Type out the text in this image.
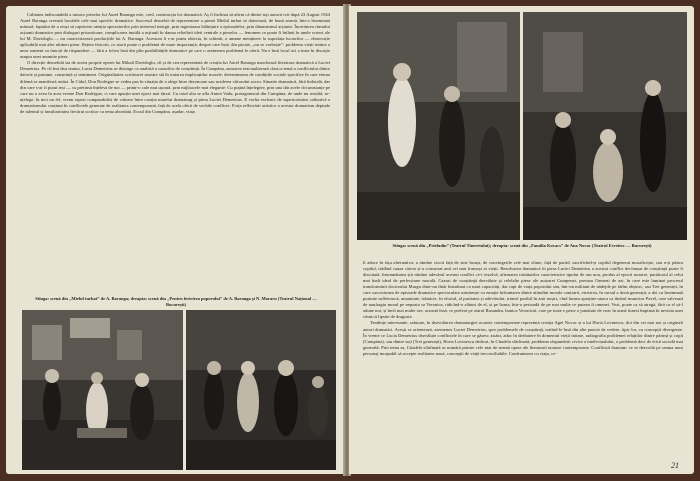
Calitatea indiscutabilă a tuturor pieselor lui Aurel Baranga este, cred, construcția lor dramatică. Aș fi înclinat să afirm că dintre toți autorii ivit după 23 August 1944 Aurel Baranga creează lucrările cele mai specific dramatice. Succesul deosebit de reprezentare a piesei Mielul turbat se datorează, de bună seamă, într-o însemnată măsură, faptului de a reuși să captiveze atenția spectatorilor prin interesul intrigii, prin ingenioasa înlănțuire a episoadelor, prin dinamismul acțiunii. Încetinirea ritmului acțiunii dramatice prin dialoguri prisositoare, complicarea inutilă a acțiunii în dauna reliefării ideii centrale a pieselor — fenomen ce poate fi înfânit în unele scrieri ale lui M. Davidoglu — nu caracterizează producțiile lui A. Baranga. Acestora li s-ar putea obiecta, în schimb, o anume menținere la suprafața lucrurilor — observație aplicabilă mai ales ultimei piese. Rețeta fericirii, ce atacă poate o problemă de mare importanță, despre care însă, din păcate, „nu se vorbește”: problema vieții intime a unor oameni cu funcții de răspundere — fără a folosi însă din plin posibilitățile dramatice pe care o asemenea problemă le oferă. Nu e însă locul aci a intra în discuție asupra unei anumite piese.

O direcție deosebită sta de aceea proprie operei lui Mihail Davidoglu, cît și de cea reprezentată de creația lui Aurel Baranga marchează literatura dramatică a Luciei Demetrius. Pe cît îmi dau seama, Lucia Demetrius se distinge ca analistă a cazurilor de conștiință. În Cumpăna, autoarea reactualizează clasica temă a conflictului dintre datorie și pasiune, conștiință și sentiment. Originalitatea scriitoarei noastre stă în tratarea implicațiilor morale, determinarea de condițiile sociale specifice în care eterna dilemă se manifestă astăzi. În Cidul, Don Rodrigue se vedea pus în situația de a alege între dezonoare sau uciderea viitorului socru. Situatie dramatică, fără îndoială, dar din care s-ar fi putut ieși — cu pretinsă înțelesă de noi — printr-o cale mai ușoară, prin mijloacele mai elegante: Cu puțină înțelegere, prin una din acele cîrcumstanțe pe care nu o avea în acea vreme Don Rodrigue, ci care aparțin unei epoci mai târzii. Cu totul alta se afla Anton Vadu, protagonistul din Cumpăna, de unde nu rezultă, se-nțelege, în nici un fel, vreun raport comparabilist de valoare între creația marelui dramaturg și piesa Luciei Demetrius. E vorba exclusiv de superioritatea calitativă a dramatismului conținut în conflictele generate de realitatea contemporană, față de acela oferit de vechile conflicte. Forța reflectării artistice a acestui dramatism depinde de talentul și familiaritatea fiecărui scriitor cu tema abordată. Ecoul din Cumpăna, așadar, viața

Stînga: scenă din „Mielul turbat” de A. Baranga; dreapta: scenă din „Pentru fericirea poporului” de A. Baranga și N. Moraru (Teatrul Național — București)
Stînga: scenă din „Prieludin” (Teatrul Tineretului); dreapta: scenă din „Familia Kovacs” de Ana Novac (Teatrul Evreiesc — București)

îi aduce în fața alternativa: a rămîne ciocit față de sine însuși, de convingerile cele mai sfinte, față de partid, sacrificînd-și copilul degenerat moralicește, sau a-și păstra copilul, trădînd cauza căreia și-a consacrat anii cei mai frumoși ai vieții. Rezolvarea dramatică în piesa Luciei Demetrius a acestui conflict declanșat de conștiință poate fi discutată; însemnătatea știi rămîne adevărul acestui conflict ce-i rezolvă, afirmarea trăsăturilor caracteristice tipului de om nou, produs al epocii noastre, purtătorul al celui mai înalt ideal de perfecțiune morală. Cazuri de conștiință dezvăluie și celelalte piese ale autoarei Cumpenei, precum Oameni de azi, în care este luminat procesul transformării doctorului Murgu dintr-un tînăr înstrăinat cu mari capacități, dar rupt de viața poporului său, într-un militant de nădejde pe tărîm obștesc, sau Trei generații, în care succesiunea de episoade dramatice spectaculare urmărește cu emoție înfruntarea dintre atitudini morale contrarii, etrivirea, în cursul a două generații, a doi cu însemnată puritate sufletească, umanitate, trăinicie, în efortul, al puritatea și adevărului, triumf posibil în anii noștri, cînd lumea aparține unora ca tînărul muncitor Pavel, care salvează de naufragiu moral pe nepoata sa Veronica, ridicînd-o alături de el, și pe Ioana, într-o perioadă de pe mai multe ce puteau fi omenei. Vezi, poate ca să atragă, fără ca el să-l adune noi, și încît mai multe ore, această însă, ce preferă pe ziarul Rusandra, bunica Veronicăi, care pe toate e peste o jumătate de veac în urmă funest împinsă în neviata unei căsnicii lipsite de dragoste.

Tendințe interesante, salutare, în dezvoltarea dramaturgiei noastre contemporane reprezintă creația Agei Novac și a lui Horia Lovinescu, doi din cei mai noi și originali autori dramatici. Acești se orientează, asemenea Luciei Demetrius, spre problemele de conștiință, tratînd-le însă din alte puncte de vedere, tipic lor, cu concepții divergente. În vreme ce Lucia Demetrius dezvăluie conflictele în care se găsesc astăzi, aduc în dezbatere în domeniul vieții intime, radiografia problemei relațiilor dintre părinți și copii (Cumpăna), sau dintre soți (Trei generații), Horia Lovinescu dedicat, în Citadela sfărîmată, problema răspunderii civice a intelectualului, o problemă deci de etică socială mai generală. Prin tema sa, Citadela sfărîmată se numără printre cele mai de seamă opere ale literaturii noastre contemporane. Conflictul dramatic ce se dezvoltă pe seama unui personaj incapabil să accepte realitatea nouă, concepții de viață ireconciliabile. Confruntarea cu viața, ce-

21
